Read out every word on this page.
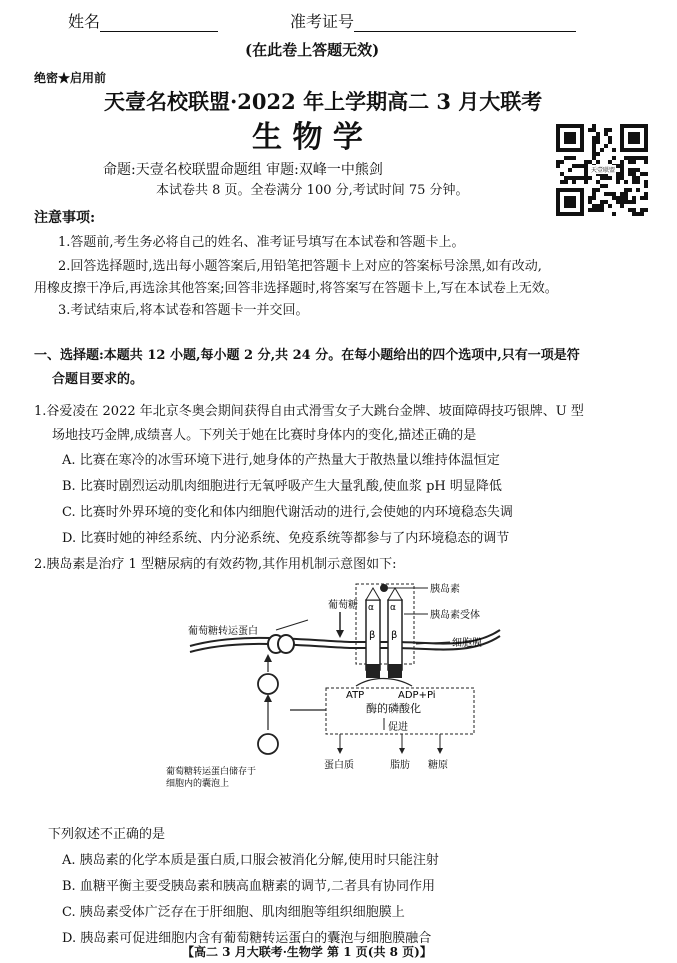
姓名	准考证号
(在此卷上答题无效)
绝密★启用前
天壹名校联盟·2022 年上学期高二 3 月大联考
生 物 学
命题:天壹名校联盟命题组 审题:双峰一中熊剑
本试卷共 8 页。全卷满分 100 分,考试时间 75 分钟。
天壹联盟
注意事项:
1.答题前,考生务必将自己的姓名、准考证号填写在本试卷和答题卡上。
2.回答选择题时,选出每小题答案后,用铅笔把答题卡上对应的答案标号涂黑,如有改动,
用橡皮擦干净后,再选涂其他答案;回答非选择题时,将答案写在答题卡上,写在本试卷上无效。
3.考试结束后,将本试卷和答题卡一并交回。
一、选择题:本题共 12 小题,每小题 2 分,共 24 分。在每小题给出的四个选项中,只有一项是符
合题目要求的。
1.谷爱凌在 2022 年北京冬奥会期间获得自由式滑雪女子大跳台金牌、坡面障碍技巧银牌、U 型
场地技巧金牌,成绩喜人。下列关于她在比赛时身体内的变化,描述正确的是
A. 比赛在寒冷的冰雪环境下进行,她身体的产热量大于散热量以维持体温恒定
B. 比赛时剧烈运动肌肉细胞进行无氧呼吸产生大量乳酸,使血浆 pH 明显降低
C. 比赛时外界环境的变化和体内细胞代谢活动的进行,会使她的内环境稳态失调
D. 比赛时她的神经系统、内分泌系统、免疫系统等都参与了内环境稳态的调节
2.胰岛素是治疗 1 型糖尿病的有效药物,其作用机制示意图如下:
葡萄糖
葡萄糖转运蛋白
α α
β β
胰岛素
胰岛素受体
细胞膜
ATP	ADP+Pi
酶的磷酸化
促进
蛋白质	脂肪 糖原
葡萄糖转运蛋白储存于
细胞内的囊泡上
下列叙述不正确的是
A. 胰岛素的化学本质是蛋白质,口服会被消化分解,使用时只能注射
B. 血糖平衡主要受胰岛素和胰高血糖素的调节,二者具有协同作用
C. 胰岛素受体广泛存在于肝细胞、肌肉细胞等组织细胞膜上
D. 胰岛素可促进细胞内含有葡萄糖转运蛋白的囊泡与细胞膜融合
【高二 3 月大联考·生物学 第 1 页(共 8 页)】
